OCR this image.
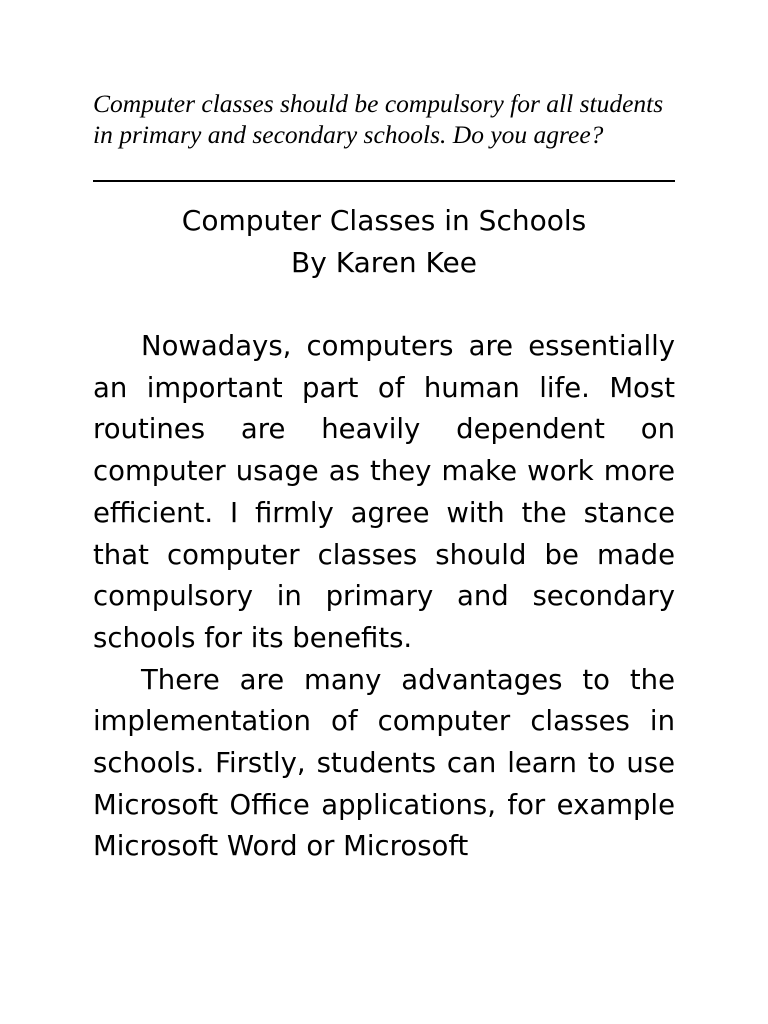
Computer classes should be compulsory for all students in primary and secondary schools. Do you agree?

Computer Classes in Schools
By Karen Kee

Nowadays, computers are essentially an important part of human life. Most routines are heavily dependent on computer usage as they make work more efficient. I firmly agree with the stance that computer classes should be made compulsory in primary and secondary schools for its benefits.

There are many advantages to the implementation of computer classes in schools. Firstly, students can learn to use Microsoft Office applications, for example Microsoft Word or Microsoft
